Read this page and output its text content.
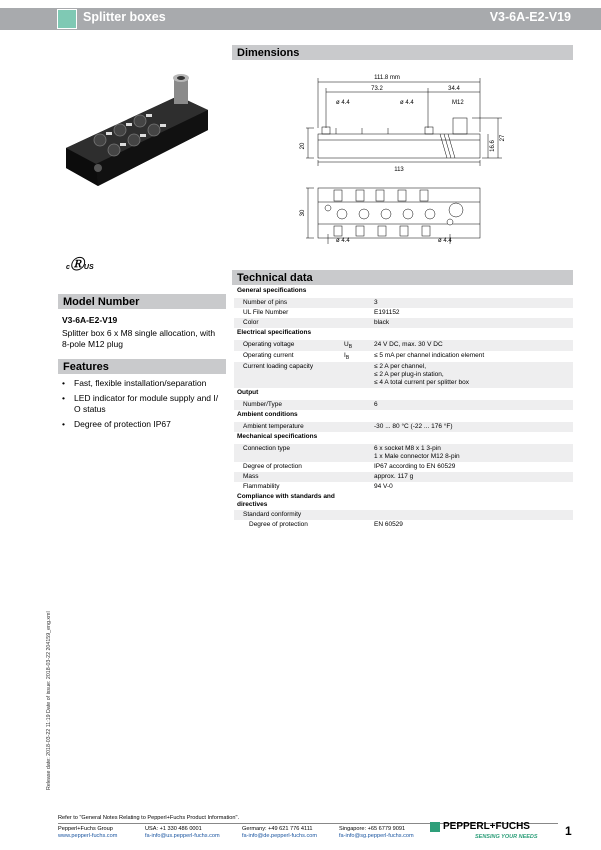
Splitter boxes	V3-6A-E2-V19
cⓇUS
Model Number
V3-6A-E2-V19
Splitter box 6 x M8 single allocation, with 8-pole M12 plug
Features
• Fast, flexible installation/separation
• LED indicator for module supply and I/ O status
• Degree of protection IP67
Dimensions
111.8 mm
73.2	34.4
ø 4.4	ø 4.4	M12
20	16.6
27
113
30
ø 4.4	ø 4.4
Technical data
General specifications
Number of pins	3
UL File Number	E191152
Color	black
Electrical specifications
Operating voltage	$U_B$	24 V DC, max. 30 V DC
Operating current	$I_B$	≤ 5 mA per channel indication element
Current loading capacity	≤ 2 A per channel,
≤ 2 A per plug-in station,
≤ 4 A total current per splitter box
Output
Number/Type	6
Ambient conditions
Ambient temperature	-30 ... 80 °C (-22 ... 176 °F)
Mechanical specifications
Connection type	6 x socket M8 x 1 3-pin
1 x Male connector M12 8-pin
Degree of protection	IP67 according to EN 60529
Mass	approx. 117 g
Flammability	94 V-0
Compliance with standards and
directives
Standard conformity
Degree of protection	EN 60529
Release date: 2018-03-22 11:19 Date of issue: 2018-03-22 204159_eng.xml
Refer to "General Notes Relating to Pepperl+Fuchs Product Information".
Pepperl+Fuchs Group
www.pepperl-fuchs.com
USA: +1 330 486 0001
fa-info@us.pepperl-fuchs.com
Germany: +49 621 776 4111
fa-info@de.pepperl-fuchs.com
Singapore: +65 6779 9091
fa-info@sg.pepperl-fuchs.com
PEPPERL+FUCHS
SENSING YOUR NEEDS 1
